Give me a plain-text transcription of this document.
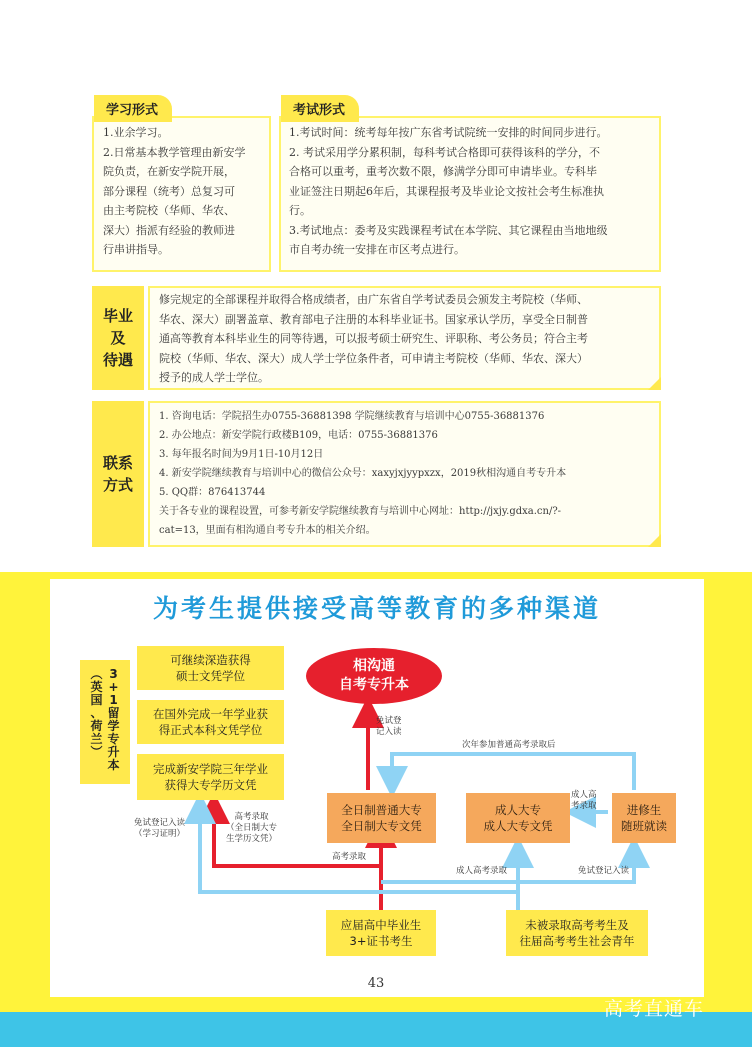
学习形式
1.业余学习。
2.日常基本教学管理由新安学
院负责，在新安学院开展，
部分课程（统考）总复习可
由主考院校（华师、华农、
深大）指派有经验的教师进
行串讲指导。
考试形式
1.考试时间：统考每年按广东省考试院统一安排的时间同步进行。
2. 考试采用学分累积制，每科考试合格即可获得该科的学分，不
合格可以重考，重考次数不限，修满学分即可申请毕业。专科毕
业证签注日期起6年后，其课程报考及毕业论文按社会考生标准执
行。
3.考试地点：委考及实践课程考试在本学院、其它课程由当地地级
市自考办统一安排在市区考点进行。
毕业
及
待遇
修完规定的全部课程并取得合格成绩者，由广东省自学考试委员会颁发主考院校（华师、
华农、深大）副署盖章、教育部电子注册的本科毕业证书。国家承认学历，享受全日制普
通高等教育本科毕业生的同等待遇，可以报考硕士研究生、评职称、考公务员；符合主考
院校（华师、华农、深大）成人学士学位条件者，可申请主考院校（华师、华农、深大）
授予的成人学士学位。
联系
方式
1. 咨询电话：学院招生办0755-36881398 学院继续教育与培训中心0755-36881376
2. 办公地点：新安学院行政楼B109，电话：0755-36881376
3. 每年报名时间为9月1日-10月12日
4. 新安学院继续教育与培训中心的微信公众号：xaxyjxjyypxzx，2019秋相沟通自考专升本
5. QQ群：876413744
关于各专业的课程设置，可参考新安学院继续教育与培训中心网址：http://jxjy.gdxa.cn/?-
cat=13，里面有相沟通自考专升本的相关介绍。
为考生提供接受高等教育的多种渠道
︵
英
国
、
荷
兰
︶
3
+
1
留
学
专
升
本
可继续深造获得
硕士文凭学位
在国外完成一年学业获
得正式本科文凭学位
完成新安学院三年学业
获得大专学历文凭
相沟通
自考专升本
全日制普通大专
全日制大专文凭
成人大专
成人大专文凭
进修生
随班就读
应届高中毕业生
3+证书考生
未被录取高考考生及
往届高考考生社会青年
免试登
记入读
次年参加普通高考录取后
成人高
考录取
免试登记入读
（学习证明）
高考录取
（全日制大专
生学历文凭）
高考录取
成人高考录取	免试登记入读
43
高考直通车
